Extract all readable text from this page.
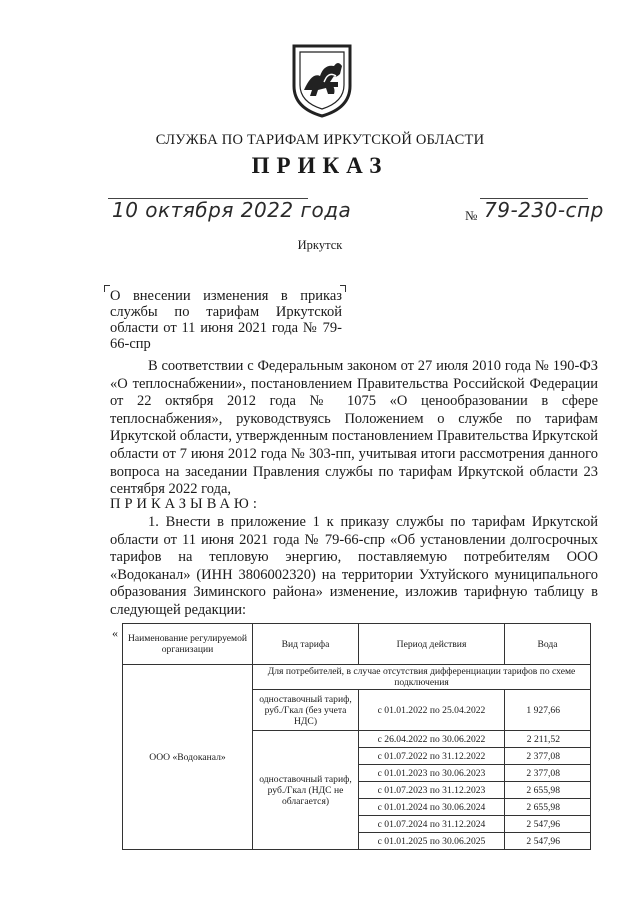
СЛУЖБА ПО ТАРИФАМ ИРКУТСКОЙ ОБЛАСТИ
ПРИКАЗ
10 октября 2022 года	№ 79-230-спр
Иркутск
О внесении изменения в приказ службы по тарифам Иркутской области от 11 июня 2021 года № 79-66-спр
В соответствии с Федеральным законом от 27 июля 2010 года № 190-ФЗ «О теплоснабжении», постановлением Правительства Российской Федерации от 22 октября 2012 года № 1075 «О ценообразовании в сфере теплоснабжения», руководствуясь Положением о службе по тарифам Иркутской области, утвержденным постановлением Правительства Иркутской области от 7 июня 2012 года № 303-пп, учитывая итоги рассмотрения данного вопроса на заседании Правления службы по тарифам Иркутской области 23 сентября 2022 года,
ПРИКАЗЫВАЮ:
1. Внести в приложение 1 к приказу службы по тарифам Иркутской области от 11 июня 2021 года № 79-66-спр «Об установлении долгосрочных тарифов на тепловую энергию, поставляемую потребителям ООО «Водоканал» (ИНН 3806002320) на территории Ухтуйского муниципального образования Зиминского района» изменение, изложив тарифную таблицу в следующей редакции:
« Наименование регулируемой организации	Вид тарифа	Период действия	Вода
ООО «Водоканал»	Для потребителей, в случае отсутствия дифференциации тарифов по схеме подключения		
	одноставочный тариф, руб./Гкал (без учета НДС)	с 01.01.2022 по 25.04.2022	1 927,66
	одноставочный тариф, руб./Гкал (НДС не облагается)	с 26.04.2022 по 30.06.2022	2 211,52
		с 01.07.2022 по 31.12.2022	2 377,08
		с 01.01.2023 по 30.06.2023	2 377,08
		с 01.07.2023 по 31.12.2023	2 655,98
		с 01.01.2024 по 30.06.2024	2 655,98
		с 01.07.2024 по 31.12.2024	2 547,96
		с 01.01.2025 по 30.06.2025	2 547,96
